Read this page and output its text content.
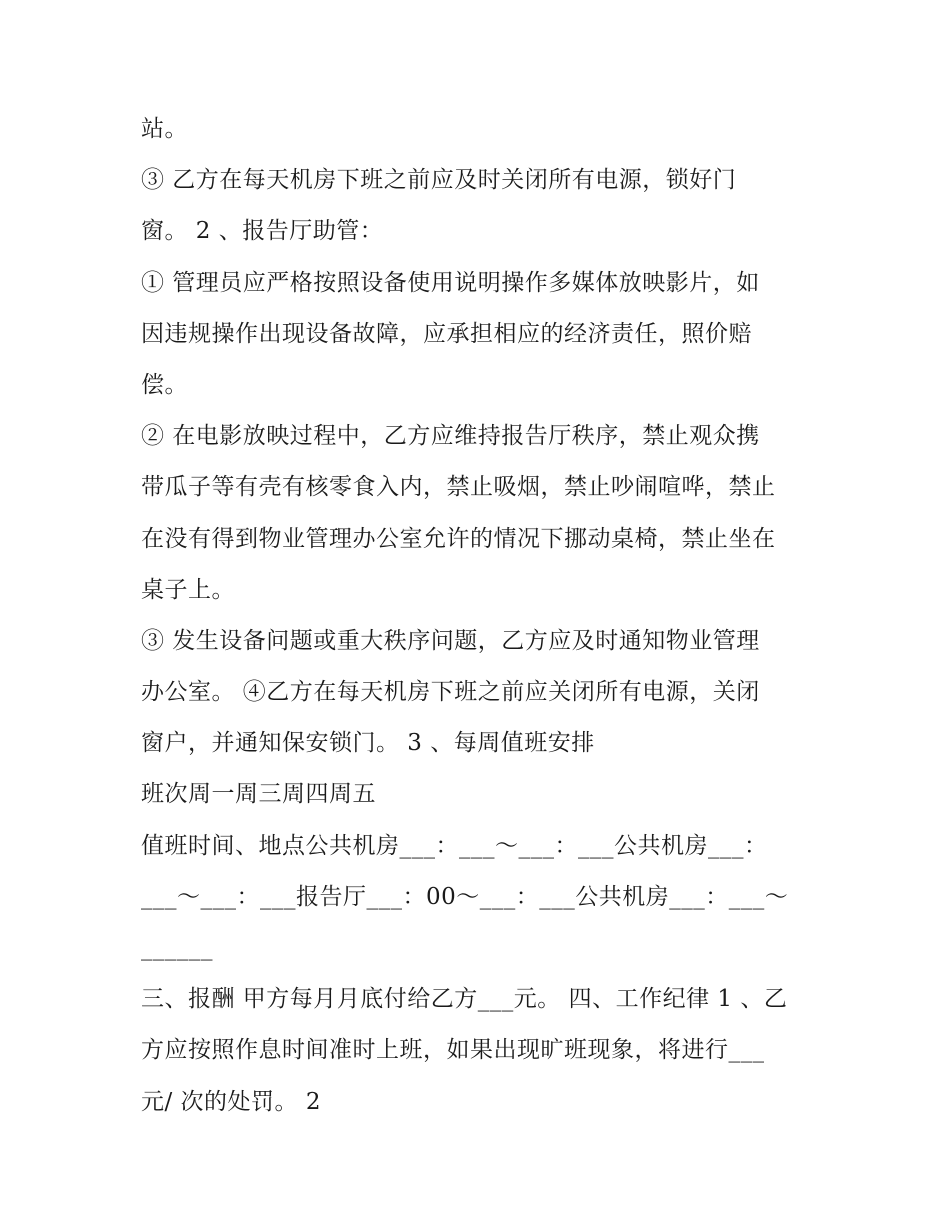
站。
③ 乙方在每天机房下班之前应及时关闭所有电源，锁好门
窗。 2 、报告厅助管：
① 管理员应严格按照设备使用说明操作多媒体放映影片，如
因违规操作出现设备故障，应承担相应的经济责任，照价赔
偿。
② 在电影放映过程中，乙方应维持报告厅秩序，禁止观众携
带瓜子等有壳有核零食入内，禁止吸烟，禁止吵闹喧哗，禁止
在没有得到物业管理办公室允许的情况下挪动桌椅，禁止坐在
桌子上。
③ 发生设备问题或重大秩序问题，乙方应及时通知物业管理
办公室。 ④乙方在每天机房下班之前应关闭所有电源，关闭
窗户，并通知保安锁门。 3 、每周值班安排
班次周一周三周四周五
值班时间、地点公共机房___：___～___：___公共机房___：
___～___：___报告厅___：00～___：___公共机房___：___～
______
三、报酬 甲方每月月底付给乙方___元。 四、工作纪律 1 、乙
方应按照作息时间准时上班，如果出现旷班现象，将进行___
元/ 次的处罚。 2
